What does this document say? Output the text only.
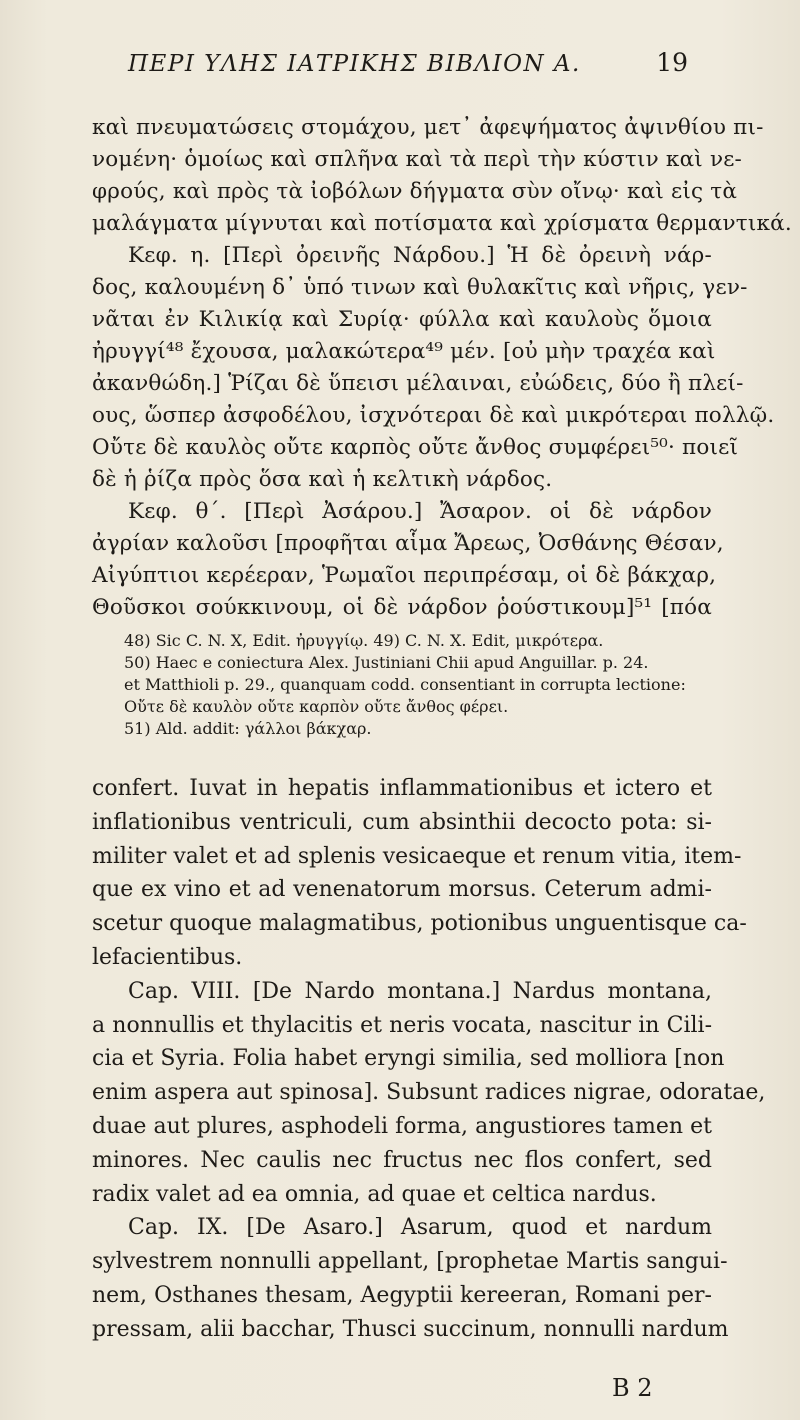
ΠΕΡΙ ΥΛΗΣ ΙΑΤΡΙΚΗΣ ΒΙΒΛΙΟΝ Α.	19
καὶ πνευματώσεις στομάχου, μετ᾽ ἀφεψήματος ἀψινθίου πι-
νομένη· ὁμοίως καὶ σπλῆνα καὶ τὰ περὶ τὴν κύστιν καὶ νε-
φρούς, καὶ πρὸς τὰ ἰοβόλων δήγματα σὺν οἴνῳ· καὶ εἰς τὰ
μαλάγματα μίγνυται καὶ ποτίσματα καὶ χρίσματα θερμαντικά.
Κεφ. η. [Περὶ ὀρεινῆς Νάρδου.] Ἡ δὲ ὀρεινὴ νάρ-
δος, καλουμένη δ᾽ ὑπό τινων καὶ θυλακῖτις καὶ νῆρις, γεν-
νᾶται ἐν Κιλικίᾳ καὶ Συρίᾳ· φύλλα καὶ καυλοὺς ὅμοια
ἠρυγγί⁴⁸ ἔχουσα, μαλακώτερα⁴⁹ μέν. [οὐ μὴν τραχέα καὶ
ἀκανθώδη.] Ῥίζαι δὲ ὕπεισι μέλαιναι, εὐώδεις, δύο ἢ πλεί-
ους, ὥσπερ ἀσφοδέλου, ἰσχνότεραι δὲ καὶ μικρότεραι πολλῷ.
Οὔτε δὲ καυλὸς οὔτε καρπὸς οὔτε ἄνθος συμφέρει⁵⁰· ποιεῖ
δὲ ἡ ῥίζα πρὸς ὅσα καὶ ἡ κελτικὴ νάρδος.
Κεφ. θ΄. [Περὶ Ἀσάρου.] Ἄσαρον. οἱ δὲ νάρδον
ἀγρίαν καλοῦσι [προφῆται αἷμα Ἄρεως, Ὀσθάνης Θέσαν,
Αἰγύπτιοι κερέεραν, Ῥωμαῖοι περιπρέσαμ, οἱ δὲ βάκχαρ,
Θοῦσκοι σούκκινουμ, οἱ δὲ νάρδον ῥούστικουμ]⁵¹ [πόα
48) Sic C. N. X, Edit. ἠρυγγίῳ. 49) C. N. X. Edit, μικρότερα.
50) Haec e coniectura Alex. Justiniani Chii apud Anguillar. p. 24.
et Matthioli p. 29., quanquam codd. consentiant in corrupta lectione:
Οὔτε δὲ καυλὸν οὔτε καρπὸν οὔτε ἄνθος φέρει.
51) Ald. addit: γάλλοι βάκχαρ.
confert. Iuvat in hepatis inflammationibus et ictero et
inflationibus ventriculi, cum absinthii decocto pota: si-
militer valet et ad splenis vesicaeque et renum vitia, item-
que ex vino et ad venenatorum morsus. Ceterum admi-
scetur quoque malagmatibus, potionibus unguentisque ca-
lefacientibus.
Cap. VIII. [De Nardo montana.] Nardus montana,
a nonnullis et thylacitis et neris vocata, nascitur in Cili-
cia et Syria. Folia habet eryngi similia, sed molliora [non
enim aspera aut spinosa]. Subsunt radices nigrae, odoratae,
duae aut plures, asphodeli forma, angustiores tamen et
minores. Nec caulis nec fructus nec flos confert, sed
radix valet ad ea omnia, ad quae et celtica nardus.
Cap. IX. [De Asaro.] Asarum, quod et nardum
sylvestrem nonnulli appellant, [prophetae Martis sangui-
nem, Osthanes thesam, Aegyptii kereeran, Romani per-
pressam, alii bacchar, Thusci succinum, nonnulli nardum
B 2
